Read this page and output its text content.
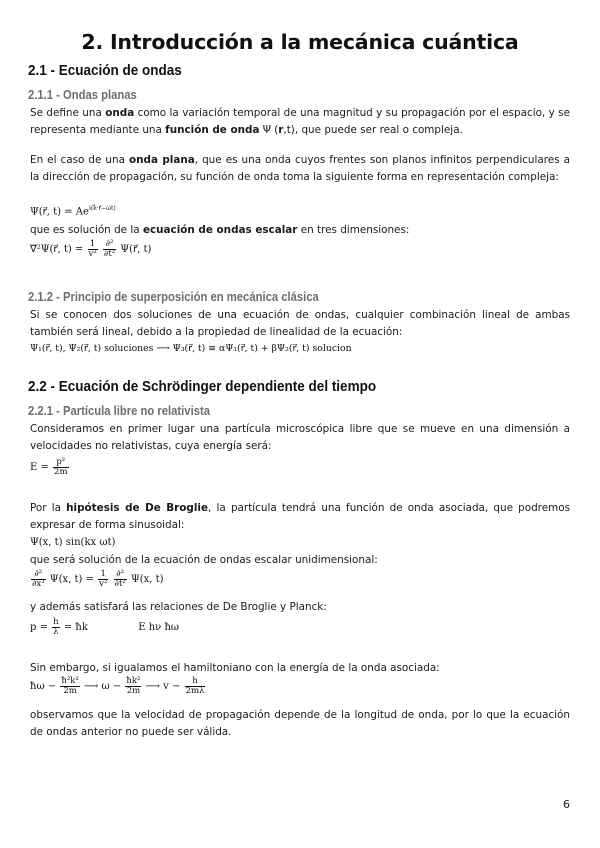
2. Introducción a la mecánica cuántica
2.1 - Ecuación de ondas
2.1.1 - Ondas planas
Se define una onda como la variación temporal de una magnitud y su propagación por el espacio, y se representa mediante una función de onda Ψ (r,t), que puede ser real o compleja.
En el caso de una onda plana, que es una onda cuyos frentes son planos infinitos perpendiculares a la dirección de propagación, su función de onda toma la siguiente forma en representación compleja:
Ψ(r⃗, $t) = Ae^{i(k⃗\cdot r⃗-\omega t)}$
que es solución de la ecuación de ondas escalar en tres dimensiones:
∇⃗²Ψ(r⃗, $t) = \frac{1}{\text{v²}}$
$\frac{\text{∂²}}{\text{∂t²}}$ Ψ(r⃗, t)
2.1.2 - Principio de superposición en mecánica clásica
Si se conocen dos soluciones de una ecuación de ondas, cualquier combinación lineal de ambas también será lineal, debido a la propiedad de linealidad de la ecuación:
Ψ₁(r⃗, t), Ψ₂(r⃗, t) soluciones ⟶ Ψ₃(r⃗, t) ≡ αΨ₁(r⃗, t) + βΨ₂(r⃗, t) solucion
2.2 - Ecuación de Schrödinger dependiente del tiempo
2.2.1 - Partícula libre no relativista
Consideramos en primer lugar una partícula microscópica libre que se mueve en una dimensión a velocidades no relativistas, cuya energía será:
$E = \frac{\text{p²}}{2m}$
Por la hipótesis de De Broglie, la partícula tendrá una función de onda asociada, que podremos expresar de forma sinusoidal:
Ψ(x, t) sin(kx ωt)
que será solución de la ecuación de ondas escalar unidimensional:
$\frac{\text{∂²}}{\text{∂x²}} \Psi(x$, $t) = \frac{1}{\text{v²}}$
$\frac{\text{∂²}}{\text{∂t²}} \Psi(x$, t)
y además satisfará las relaciones de De Broglie y Planck:
$p = \frac{h}{\lambda}$ = ħk	E hν ħω
Sin embargo, si igualamos el hamiltoniano con la energía de la onda asociada:
ħω − $\frac{\text{ħ²k²}}{2m}$ ⟶ $\omega - \frac{\text{ħk²}}{2m}$ ⟶ $v - \frac{h}{2m\lambda}$
observamos que la velocidad de propagación depende de la longitud de onda, por lo que la ecuación de ondas anterior no puede ser válida.
6
